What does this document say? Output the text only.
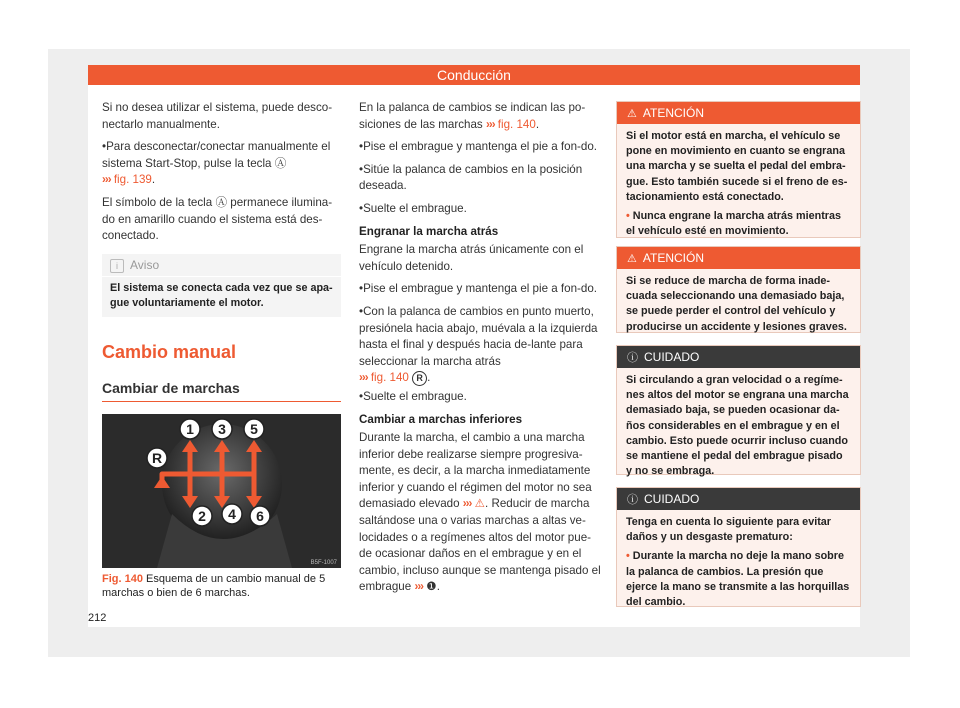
Conducción

Si no desea utilizar el sistema, puede desco-nectarlo manualmente.

•Para desconectar/conectar manualmente el sistema Start-Stop, pulse la tecla Ⓐ
››› fig. 139.

El símbolo de la tecla Ⓐ permanece ilumina-do en amarillo cuando el sistema está des-conectado.

i Aviso
El sistema se conecta cada vez que se apa-gue voluntariamente el motor.
Cambio manual
Cambiar de marchas
1 3 5
R
2 4 6
B5F-1007
Fig. 140 Esquema de un cambio manual de 5 marchas o bien de 6 marchas.

En la palanca de cambios se indican las po-siciones de las marchas ››› fig. 140.

•Pise el embrague y mantenga el pie a fon-do.

•Sitúe la palanca de cambios en la posición deseada.

•Suelte el embrague.

Engranar la marcha atrás

Engrane la marcha atrás únicamente con el vehículo detenido.

•Pise el embrague y mantenga el pie a fon-do.

•Con la palanca de cambios en punto muerto, presiónela hacia abajo, muévala a la izquierda hasta el final y después hacia de-lante para seleccionar la marcha atrás
››› fig. 140 R .

•Suelte el embrague.

Cambiar a marchas inferiores

Durante la marcha, el cambio a una marcha inferior debe realizarse siempre progresiva-mente, es decir, a la marcha inmediatamente inferior y cuando el régimen del motor no sea demasiado elevado ››› ⚠. Reducir de marcha saltándose una o varias marchas a altas ve-locidades o a regímenes altos del motor pue-de ocasionar daños en el embrague y en el cambio, incluso aunque se mantenga pisado el embrague ››› ❶.

⚠ ATENCIÓN

Si el motor está en marcha, el vehículo se pone en movimiento en cuanto se engrana una marcha y se suelta el pedal del embra-gue. Esto también sucede si el freno de es-tacionamiento está conectado.

• Nunca engrane la marcha atrás mientras el vehículo esté en movimiento.

⚠ ATENCIÓN

Si se reduce de marcha de forma inade-cuada seleccionando una demasiado baja, se puede perder el control del vehículo y producirse un accidente y lesiones graves.

ⓘ CUIDADO

Si circulando a gran velocidad o a regíme-nes altos del motor se engrana una marcha demasiado baja, se pueden ocasionar da-ños considerables en el embrague y en el cambio. Esto puede ocurrir incluso cuando se mantiene el pedal del embrague pisado y no se embraga.

ⓘ CUIDADO

Tenga en cuenta lo siguiente para evitar daños y un desgaste prematuro:

• Durante la marcha no deje la mano sobre la palanca de cambios. La presión que ejerce la mano se transmite a las horquillas del cambio.

212
